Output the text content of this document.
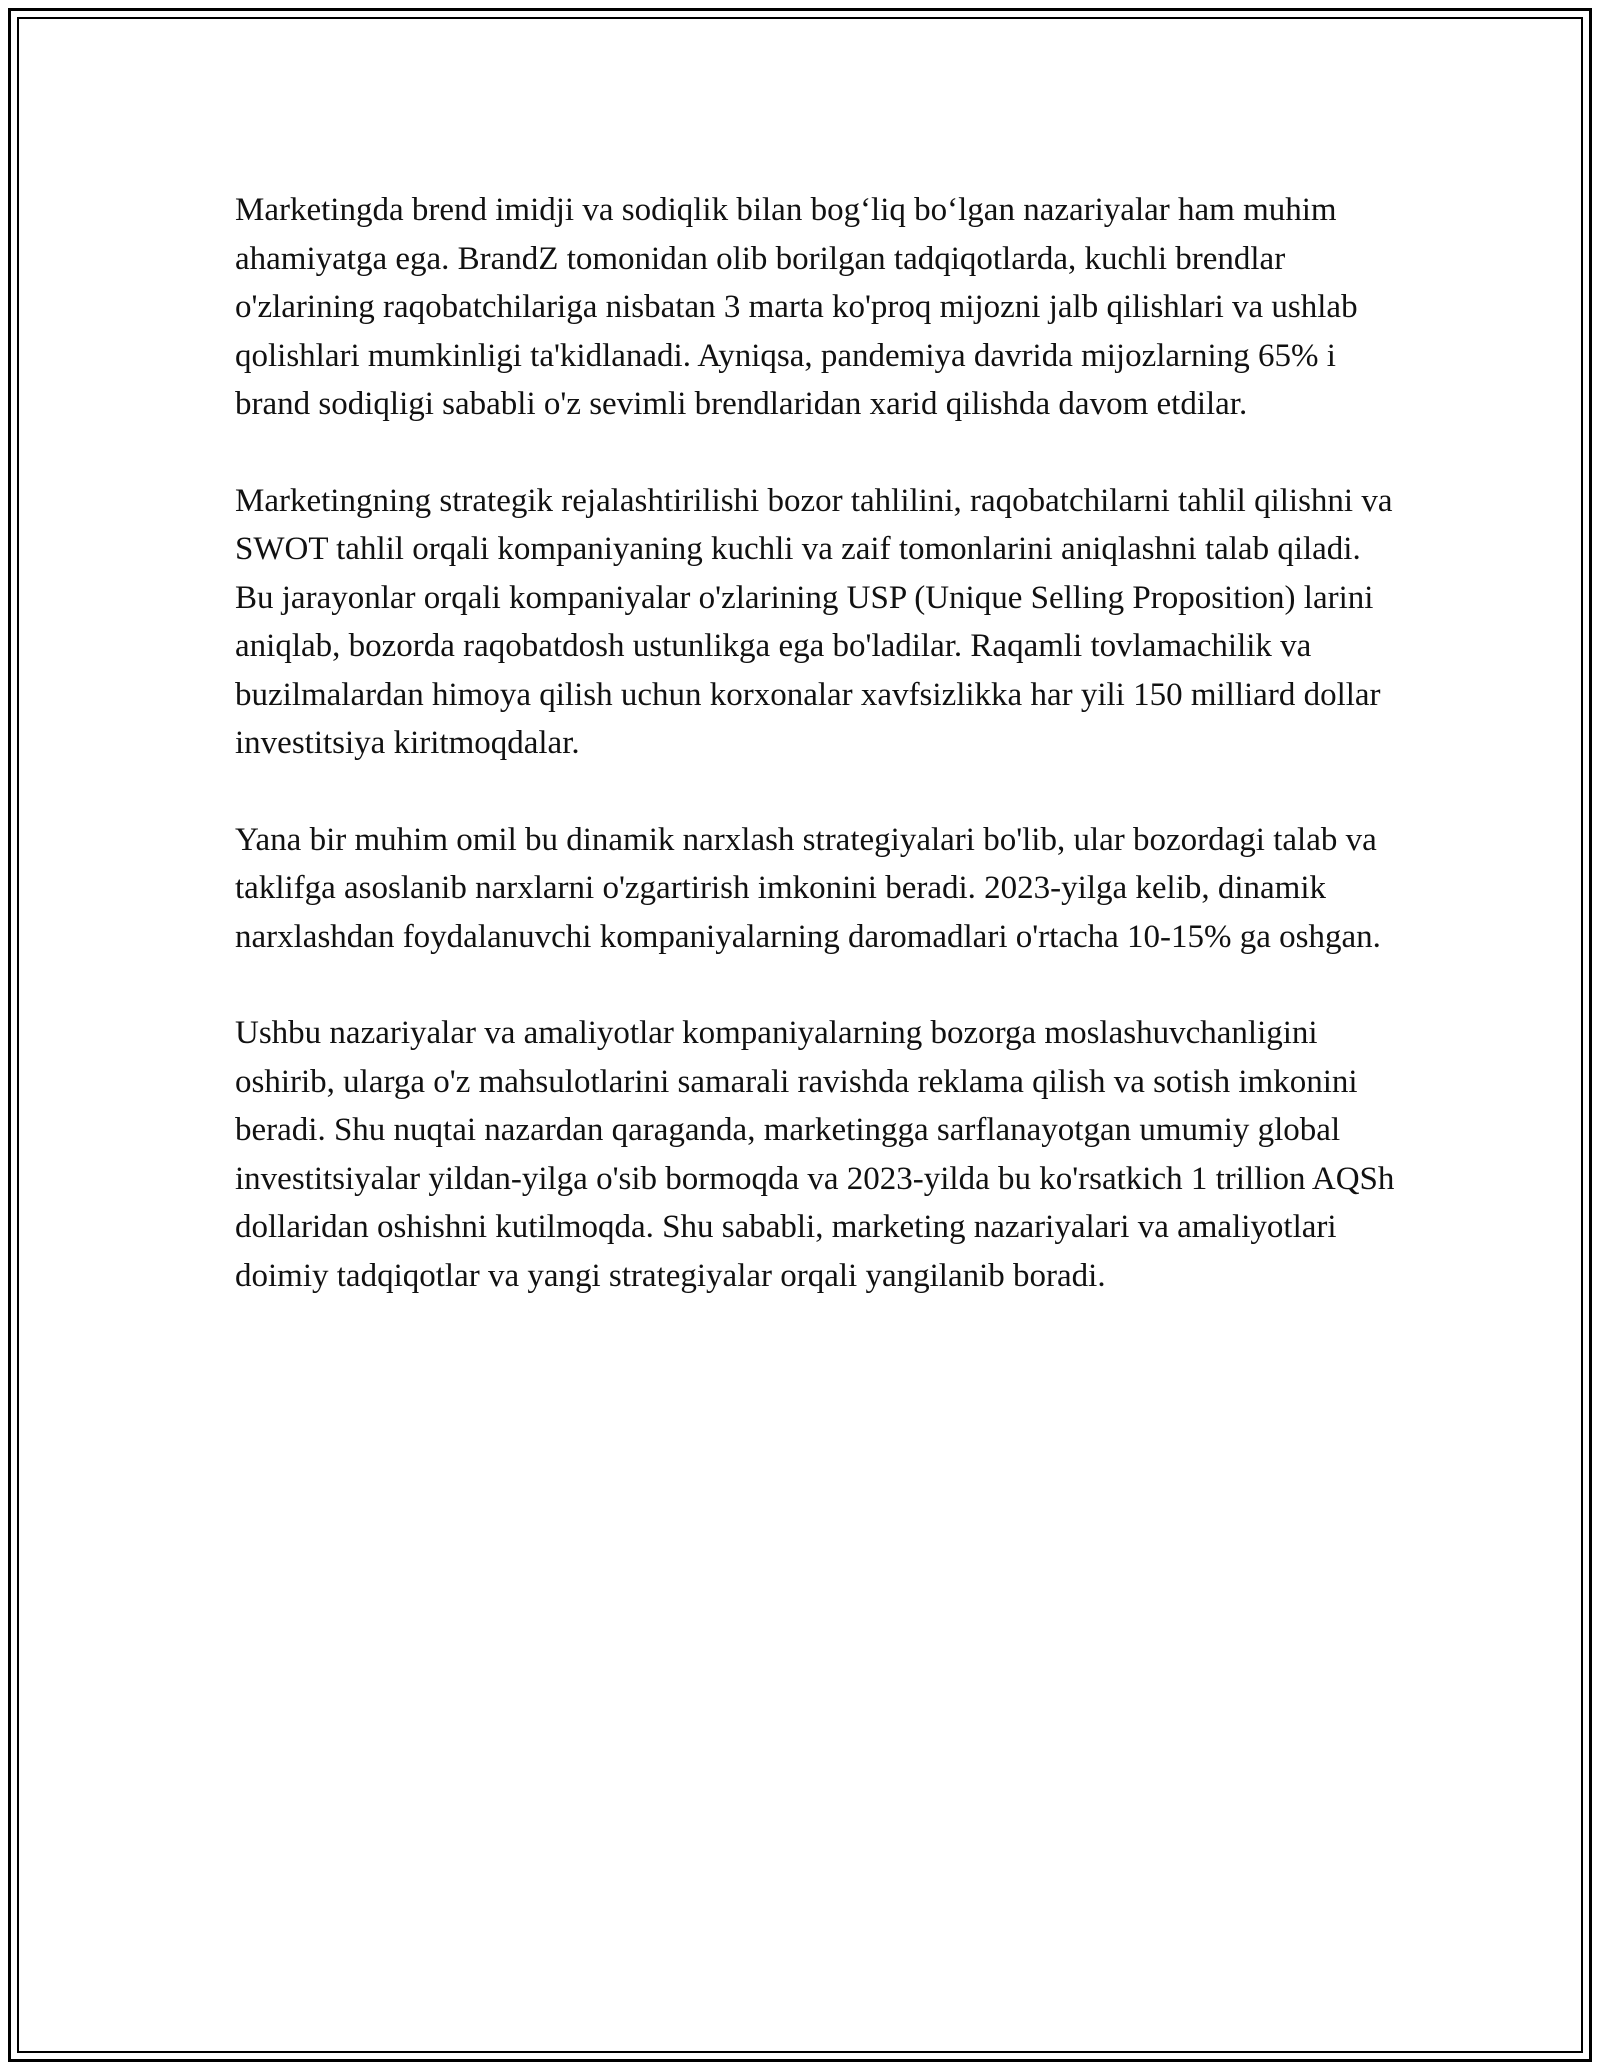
Marketingda brend imidji va sodiqlik bilan bog‘liq bo‘lgan nazariyalar ham muhim ahamiyatga ega. BrandZ tomonidan olib borilgan tadqiqotlarda, kuchli brendlar o'zlarining raqobatchilariga nisbatan 3 marta ko'proq mijozni jalb qilishlari va ushlab qolishlari mumkinligi ta'kidlanadi. Ayniqsa, pandemiya davrida mijozlarning 65% i brand sodiqligi sababli o'z sevimli brendlaridan xarid qilishda davom etdilar.

Marketingning strategik rejalashtirilishi bozor tahlilini, raqobatchilarni tahlil qilishni va SWOT tahlil orqali kompaniyaning kuchli va zaif tomonlarini aniqlashni talab qiladi. Bu jarayonlar orqali kompaniyalar o'zlarining USP (Unique Selling Proposition) larini aniqlab, bozorda raqobatdosh ustunlikga ega bo'ladilar. Raqamli tovlamachilik va buzilmalardan himoya qilish uchun korxonalar xavfsizlikka har yili 150 milliard dollar investitsiya kiritmoqdalar.

Yana bir muhim omil bu dinamik narxlash strategiyalari bo'lib, ular bozordagi talab va taklifga asoslanib narxlarni o'zgartirish imkonini beradi. 2023-yilga kelib, dinamik narxlashdan foydalanuvchi kompaniyalarning daromadlari o'rtacha 10-15% ga oshgan.

Ushbu nazariyalar va amaliyotlar kompaniyalarning bozorga moslashuvchanligini oshirib, ularga o'z mahsulotlarini samarali ravishda reklama qilish va sotish imkonini beradi. Shu nuqtai nazardan qaraganda, marketingga sarflanayotgan umumiy global investitsiyalar yildan-yilga o'sib bormoqda va 2023-yilda bu ko'rsatkich 1 trillion AQSh dollaridan oshishni kutilmoqda. Shu sababli, marketing nazariyalari va amaliyotlari doimiy tadqiqotlar va yangi strategiyalar orqali yangilanib boradi.
